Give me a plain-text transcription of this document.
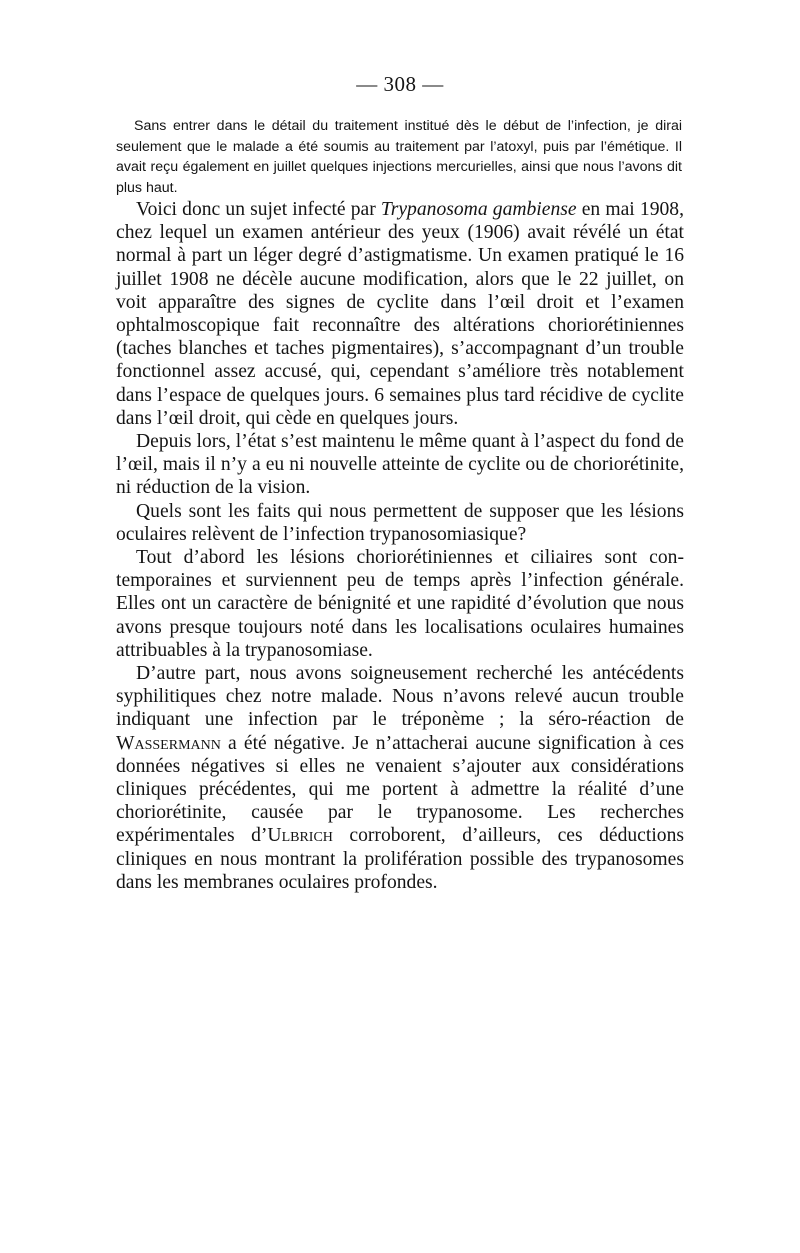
— 308 —

Sans entrer dans le détail du traitement institué dès le début de l’infection, je dirai seulement que le malade a été soumis au traitement par l’atoxyl, puis par l’émétique. Il avait reçu également en juillet quelques injections mercurielles, ainsi que nous l’avons dit plus haut.

Voici donc un sujet infecté par Trypanosoma gambiense en mai 1908, chez lequel un examen antérieur des yeux (1906) avait révélé un état normal à part un léger degré d’astigmatisme. Un examen pratiqué le 16 juillet 1908 ne décèle aucune modification, alors que le 22 juillet, on voit apparaître des signes de cyclite dans l’œil droit et l’examen ophtalmoscopique fait reconnaître des altérations choriorétiniennes (taches blanches et taches pigmentaires), s’accompagnant d’un trouble fonctionnel assez accusé, qui, cependant s’améliore très notablement dans l’espace de quelques jours. 6 semaines plus tard récidive de cyclite dans l’œil droit, qui cède en quelques jours.

Depuis lors, l’état s’est maintenu le même quant à l’aspect du fond de l’œil, mais il n’y a eu ni nouvelle atteinte de cyclite ou de choriorétinite, ni réduction de la vision.

Quels sont les faits qui nous permettent de supposer que les lésions oculaires relèvent de l’infection trypanosomiasique?

Tout d’abord les lésions choriorétiniennes et ciliaires sont contemporaines et surviennent peu de temps après l’infection générale. Elles ont un caractère de bénignité et une rapidité d’évolution que nous avons presque toujours noté dans les localisations oculaires humaines attribuables à la trypanosomiase.

D’autre part, nous avons soigneusement recherché les antécédents syphilitiques chez notre malade. Nous n’avons relevé aucun trouble indiquant une infection par le tréponème ; la séro-réaction de Wassermann a été négative. Je n’attacherai aucune signification à ces données négatives si elles ne venaient s’ajouter aux considérations cliniques précédentes, qui me portent à admettre la réalité d’une choriorétinite, causée par le trypanosome. Les recherches expérimentales d’Ulbrich corroborent, d’ailleurs, ces déductions cliniques en nous montrant la prolifération possible des trypanosomes dans les membranes oculaires profondes.
